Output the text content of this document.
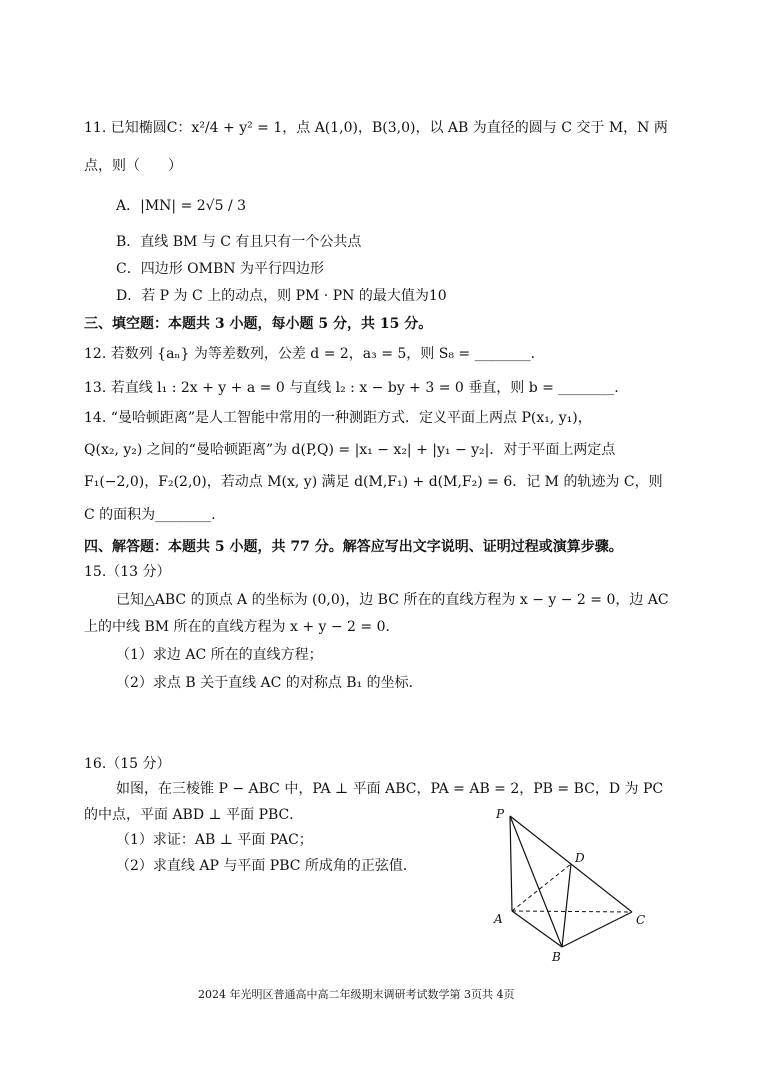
11. 已知椭圆C：x²/4 + y² = 1，点 A(1,0)，B(3,0)，以 AB 为直径的圆与 C 交于 M，N 两
点，则（　　）
A．|MN| = 2√5 / 3
B．直线 BM 与 C 有且只有一个公共点
C．四边形 OMBN 为平行四边形
D．若 P 为 C 上的动点，则 PM · PN 的最大值为10
三、填空题：本题共 3 小题，每小题 5 分，共 15 分。
12. 若数列 {aₙ} 为等差数列，公差 d = 2，a₃ = 5，则 S₈ = ________.
13. 若直线 l₁ : 2x + y + a = 0 与直线 l₂ : x − by + 3 = 0 垂直，则 b = ________.
14. “曼哈顿距离”是人工智能中常用的一种测距方式．定义平面上两点 P(x₁, y₁)，
Q(x₂, y₂) 之间的“曼哈顿距离”为 d(P,Q) = |x₁ − x₂| + |y₁ − y₂|．对于平面上两定点
F₁(−2,0)，F₂(2,0)，若动点 M(x, y) 满足 d(M,F₁) + d(M,F₂) = 6．记 M 的轨迹为 C，则
C 的面积为________.
四、解答题：本题共 5 小题，共 77 分。解答应写出文字说明、证明过程或演算步骤。
15.（13 分）
已知△ABC 的顶点 A 的坐标为 (0,0)，边 BC 所在的直线方程为 x − y − 2 = 0，边 AC
上的中线 BM 所在的直线方程为 x + y − 2 = 0．
（1）求边 AC 所在的直线方程；
（2）求点 B 关于直线 AC 的对称点 B₁ 的坐标．
16.（15 分）
如图，在三棱锥 P − ABC 中，PA ⊥ 平面 ABC，PA = AB = 2，PB = BC，D 为 PC
的中点，平面 ABD ⊥ 平面 PBC．
（1）求证：AB ⊥ 平面 PAC；
（2）求直线 AP 与平面 PBC 所成角的正弦值．
P
D
A
B
C
2024 年光明区普通高中高二年级期末调研考试数学第 3页共 4页
